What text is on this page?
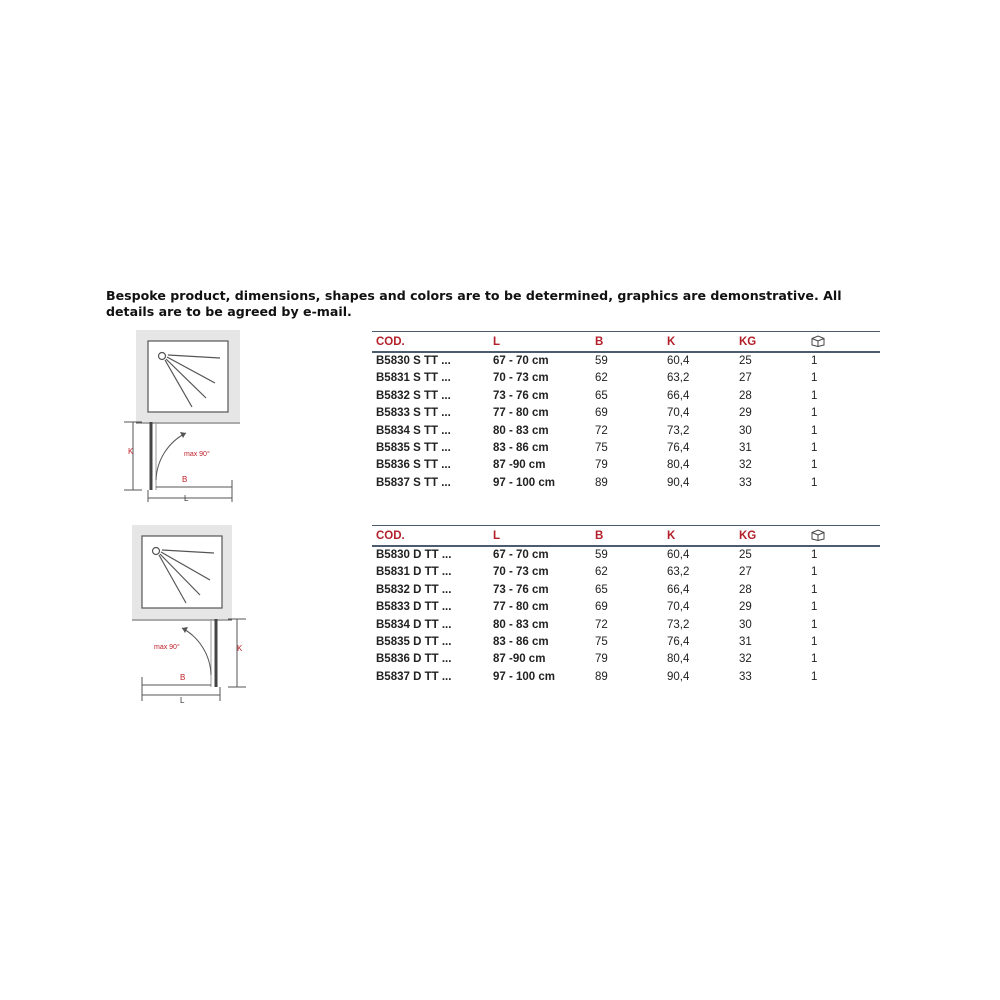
Bespoke product, dimensions, shapes and colors are to be determined, graphics are demonstrative. All details are to be agreed by e-mail.

max 90°
K
B
L
max 90°	K
B
L
COD.	L	B	K	KG	
B5830 S TT ...	67 - 70 cm	59	60,4	25	1
B5831 S TT ...	70 - 73 cm	62	63,2	27	1
B5832 S TT ...	73 - 76 cm	65	66,4	28	1
B5833 S TT ...	77 - 80 cm	69	70,4	29	1
B5834 S TT ...	80 - 83 cm	72	73,2	30	1
B5835 S TT ...	83 - 86 cm	75	76,4	31	1
B5836 S TT ...	87 -90 cm	79	80,4	32	1
B5837 S TT ...	97 - 100 cm	89	90,4	33	1
COD.	L	B	K	KG	
B5830 D TT ...	67 - 70 cm	59	60,4	25	1
B5831 D TT ...	70 - 73 cm	62	63,2	27	1
B5832 D TT ...	73 - 76 cm	65	66,4	28	1
B5833 D TT ...	77 - 80 cm	69	70,4	29	1
B5834 D TT ...	80 - 83 cm	72	73,2	30	1
B5835 D TT ...	83 - 86 cm	75	76,4	31	1
B5836 D TT ...	87 -90 cm	79	80,4	32	1
B5837 D TT ...	97 - 100 cm	89	90,4	33	1
